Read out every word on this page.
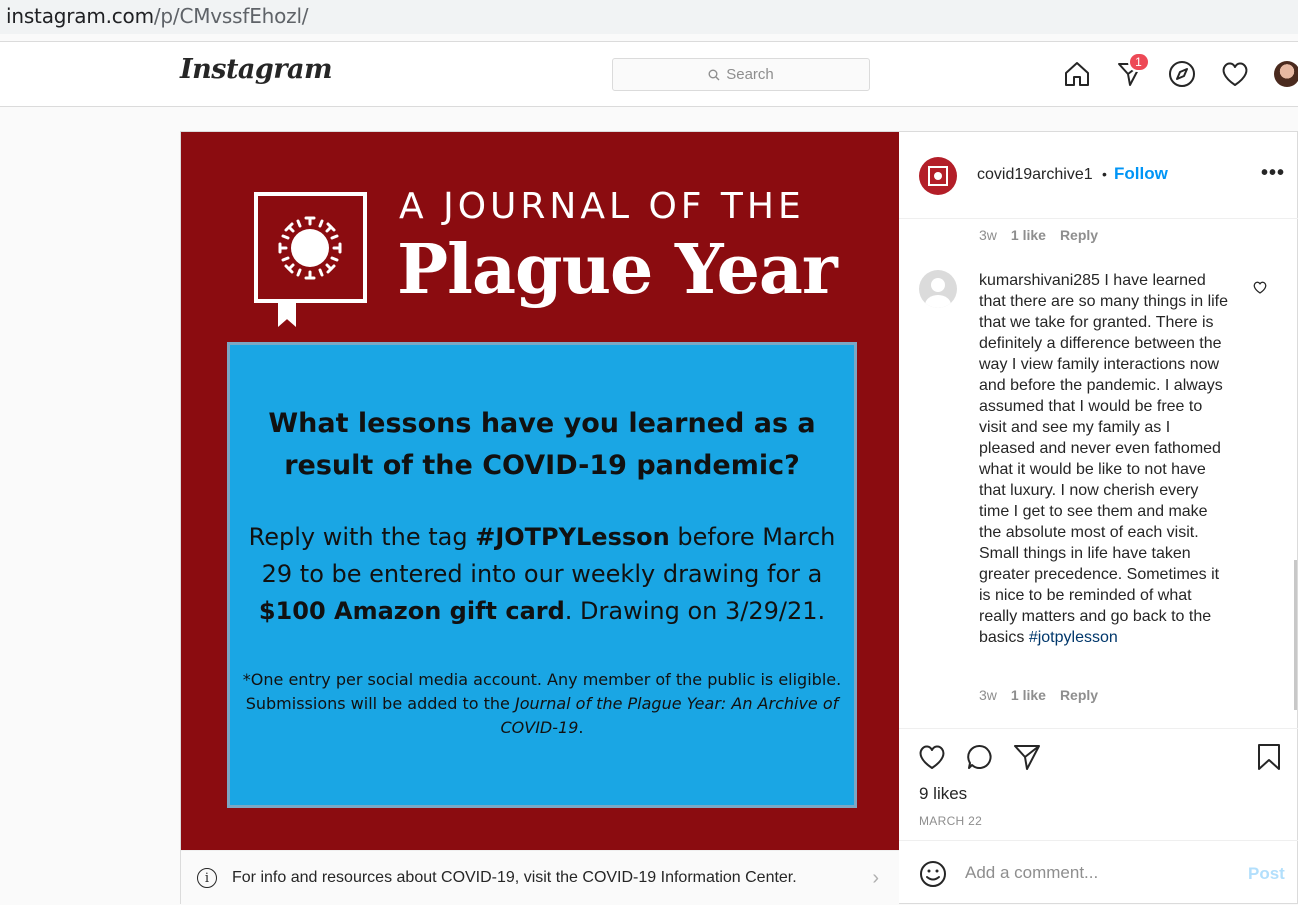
instagram.com/p/CMvssfEhozl/
Instagram	Search
1
A JOURNAL OF THE
Plague Year
What lessons have you learned as a result of the COVID-19 pandemic?
Reply with the tag #JOTPYLesson before March 29 to be entered into our weekly drawing for a $100 Amazon gift card. Drawing on 3/29/21.
*One entry per social media account. Any member of the public is eligible. Submissions will be added to the Journal of the Plague Year: An Archive of COVID-19.
i	For info and resources about COVID-19, visit the COVID-19 Information Center.	›
covid19archive1 • Follow	•••
3w 1 like Reply
kumarshivani285 I have learned that there are so many things in life that we take for granted. There is definitely a difference between the way I view family interactions now and before the pandemic. I always assumed that I would be free to visit and see my family as I pleased and never even fathomed what it would be like to not have that luxury. I now cherish every time I get to see them and make the absolute most of each visit. Small things in life have taken greater precedence. Sometimes it is nice to be reminded of what really matters and go back to the basics #jotpylesson
3w 1 like Reply
9 likes
MARCH 22
Add a comment...
Post
